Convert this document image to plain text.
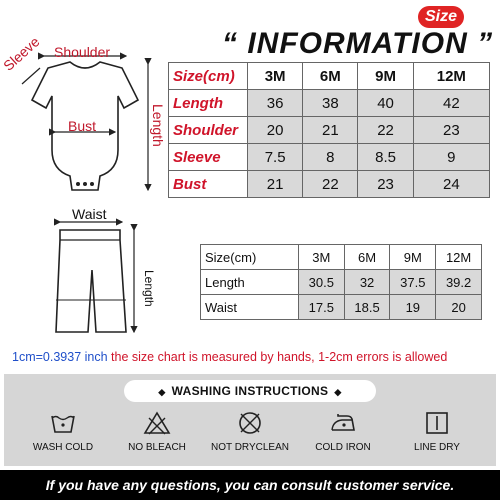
Size
“ INFORMATION ”
Shoulder
Sleeve
Bust	Length
Waist
Length
Size(cm)	3M	6M	9M	12M
Length	36	38	40	42
Shoulder	20	21	22	23
Sleeve	7.5	8	8.5	9
Bust	21	22	23	24
Size(cm)	3M	6M	9M	12M
Length	30.5	32	37.5	39.2
Waist	17.5	18.5	19	20
1cm=0.3937 inch the size chart is measured by hands, 1-2cm errors is allowed
◆ WASHING INSTRUCTIONS ◆
WASH COLD	NO BLEACH	NOT DRYCLEAN	COLD IRON	LINE DRY
If you have any questions, you can consult customer service.
